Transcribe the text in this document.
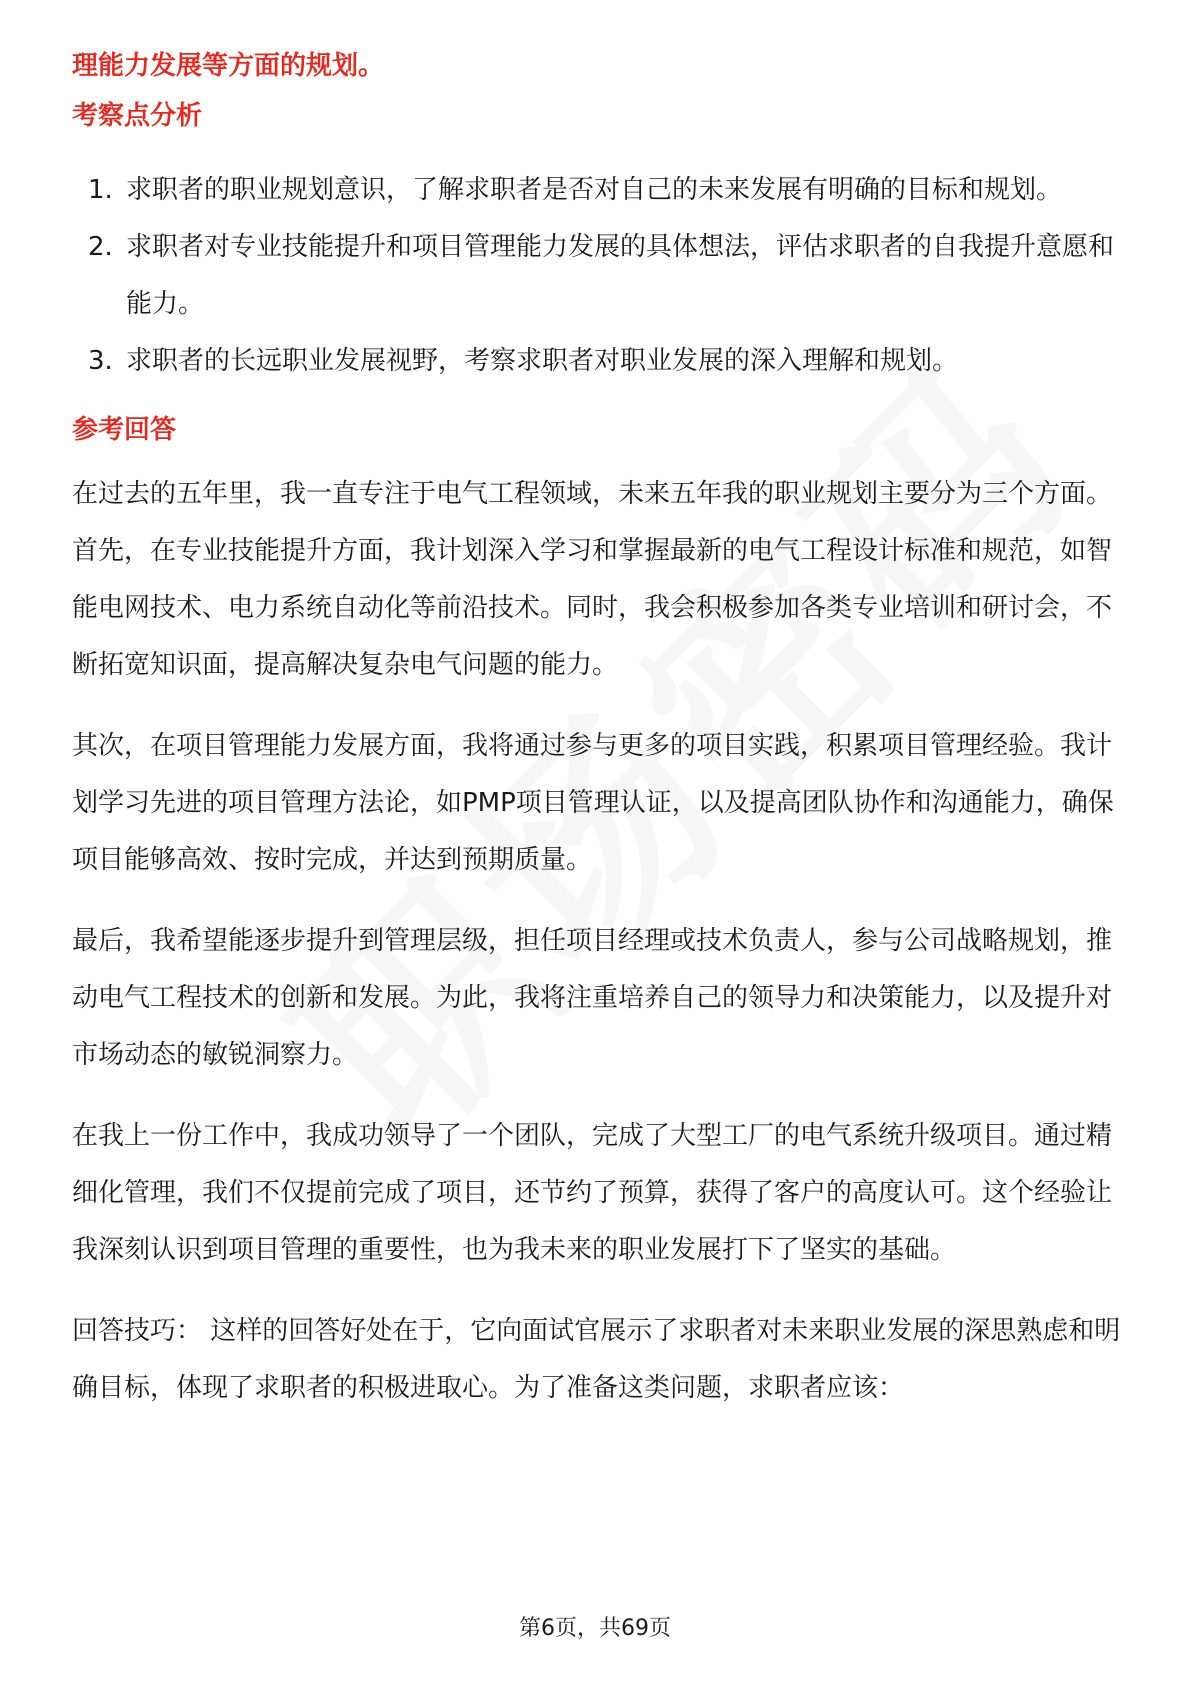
理能力发展等方面的规划。

考察点分析
1. 求职者的职业规划意识，了解求职者是否对自己的未来发展有明确的目标和规划。
2. 求职者对专业技能提升和项目管理能力发展的具体想法，评估求职者的自我提升意愿和能力。
3. 求职者的长远职业发展视野，考察求职者对职业发展的深入理解和规划。
参考回答

在过去的五年里，我一直专注于电气工程领域，未来五年我的职业规划主要分为三个方面。首先，在专业技能提升方面，我计划深入学习和掌握最新的电气工程设计标准和规范，如智能电网技术、电力系统自动化等前沿技术。同时，我会积极参加各类专业培训和研讨会，不断拓宽知识面，提高解决复杂电气问题的能力。

其次，在项目管理能力发展方面，我将通过参与更多的项目实践，积累项目管理经验。我计划学习先进的项目管理方法论，如PMP项目管理认证，以及提高团队协作和沟通能力，确保项目能够高效、按时完成，并达到预期质量。

最后，我希望能逐步提升到管理层级，担任项目经理或技术负责人，参与公司战略规划，推动电气工程技术的创新和发展。为此，我将注重培养自己的领导力和决策能力，以及提升对市场动态的敏锐洞察力。

在我上一份工作中，我成功领导了一个团队，完成了大型工厂的电气系统升级项目。通过精细化管理，我们不仅提前完成了项目，还节约了预算，获得了客户的高度认可。这个经验让我深刻认识到项目管理的重要性，也为我未来的职业发展打下了坚实的基础。

回答技巧： 这样的回答好处在于，它向面试官展示了求职者对未来职业发展的深思熟虑和明确目标，体现了求职者的积极进取心。为了准备这类问题，求职者应该：

第6页，共69页
